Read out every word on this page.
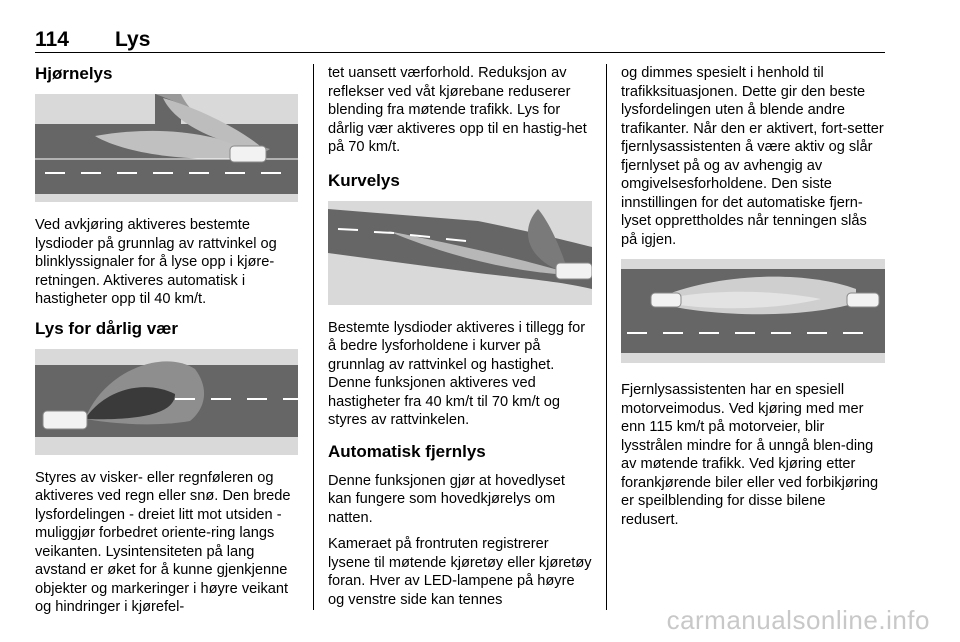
114 Lys
Hjørnelys

Ved avkjøring aktiveres bestemte lysdioder på grunnlag av rattvinkel og blinklyssignaler for å lyse opp i kjøre-retningen. Aktiveres automatisk i hastigheter opp til 40 km/t.

Lys for dårlig vær

Styres av visker- eller regnføleren og aktiveres ved regn eller snø. Den brede lysfordelingen - dreiet litt mot utsiden - muliggjør forbedret oriente-ring langs veikanten. Lysintensiteten på lang avstand er øket for å kunne gjenkjenne objekter og markeringer i høyre veikant og hindringer i kjørefel-

tet uansett værforhold. Reduksjon av reflekser ved våt kjørebane reduserer blending fra møtende trafikk. Lys for dårlig vær aktiveres opp til en hastig-het på 70 km/t.

Kurvelys

Bestemte lysdioder aktiveres i tillegg for å bedre lysforholdene i kurver på grunnlag av rattvinkel og hastighet. Denne funksjonen aktiveres ved hastigheter fra 40 km/t til 70 km/t og styres av rattvinkelen.

Automatisk fjernlys

Denne funksjonen gjør at hovedlyset kan fungere som hovedkjørelys om natten.

Kameraet på frontruten registrerer lysene til møtende kjøretøy eller kjøretøy foran. Hver av LED-lampene på høyre og venstre side kan tennes

og dimmes spesielt i henhold til trafikksituasjonen. Dette gir den beste lysfordelingen uten å blende andre trafikanter. Når den er aktivert, fort-setter fjernlysassistenten å være aktiv og slår fjernlyset på og av avhengig av omgivelsesforholdene. Den siste innstillingen for det automatiske fjern-lyset opprettholdes når tenningen slås på igjen.

Fjernlysassistenten har en spesiell motorveimodus. Ved kjøring med mer enn 115 km/t på motorveier, blir lysstrålen mindre for å unngå blen-ding av møtende trafikk. Ved kjøring etter forankjørende biler eller ved forbikjøring er speilblending for disse bilene redusert.

carmanualsonline.info
